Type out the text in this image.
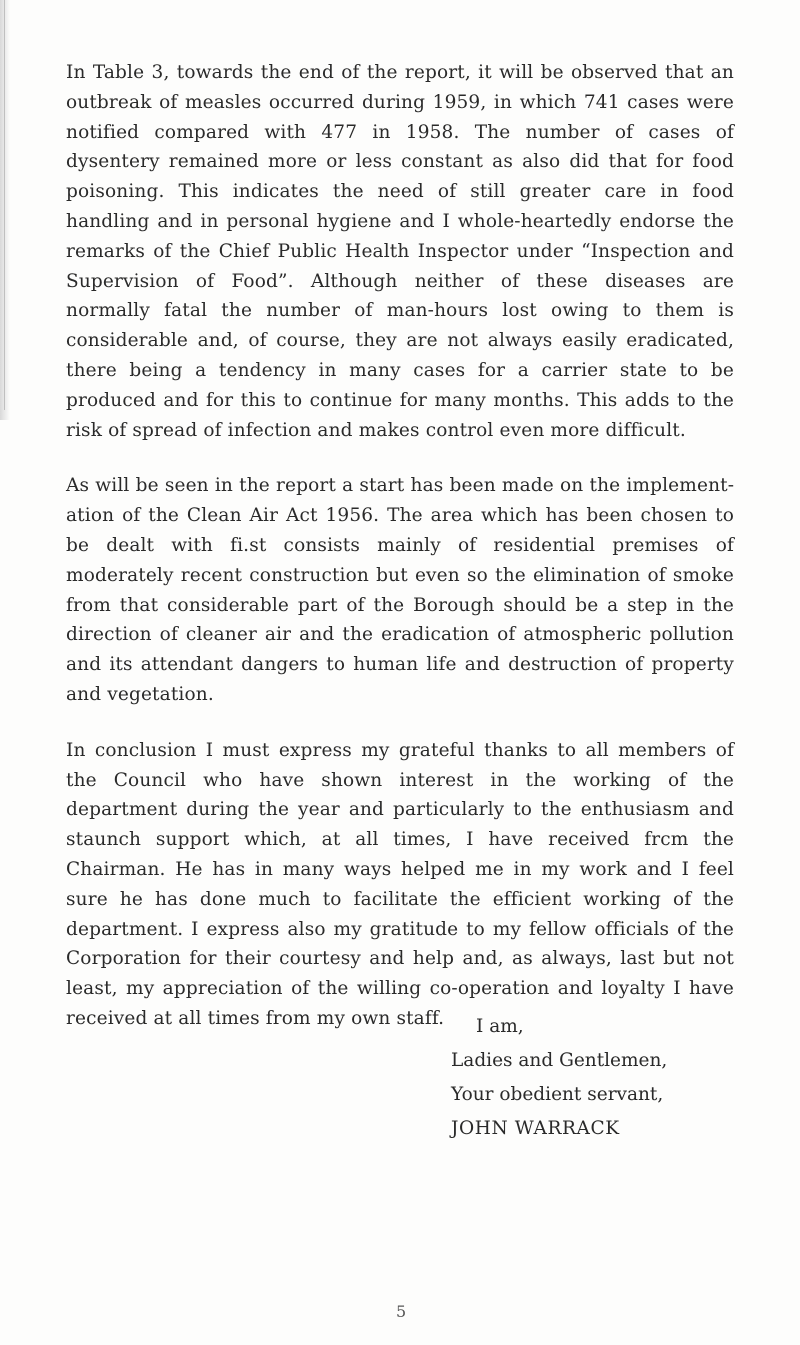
In Table 3, towards the end of the report, it will be observed that an outbreak of measles occurred during 1959, in which 741 cases were notified compared with 477 in 1958. The number of cases of dysentery remained more or less constant as also did that for food poisoning. This indicates the need of still greater care in food handling and in personal hygiene and I whole-heartedly endorse the remarks of the Chief Public Health Inspector under “Inspection and Supervision of Food”. Although neither of these diseases are normally fatal the number of man-hours lost owing to them is considerable and, of course, they are not always easily eradicated, there being a tendency in many cases for a carrier state to be produced and for this to continue for many months. This adds to the risk of spread of infection and makes control even more difficult.

As will be seen in the report a start has been made on the implementation of the Clean Air Act 1956. The area which has been chosen to be dealt with fi.st consists mainly of residential premises of moderately recent construction but even so the elimination of smoke from that considerable part of the Borough should be a step in the direction of cleaner air and the eradication of atmospheric pollution and its attendant dangers to human life and destruction of property and vegetation.

In conclusion I must express my grateful thanks to all members of the Council who have shown interest in the working of the department during the year and particularly to the enthusiasm and staunch support which, at all times, I have received frcm the Chairman. He has in many ways helped me in my work and I feel sure he has done much to facilitate the efficient working of the department. I express also my gratitude to my fellow officials of the Corporation for their courtesy and help and, as always, last but not least, my appreciation of the willing co-operation and loyalty I have received at all times from my own staff.	I am,
Ladies and Gentlemen,
Your obedient servant,
JOHN WARRACK
5
